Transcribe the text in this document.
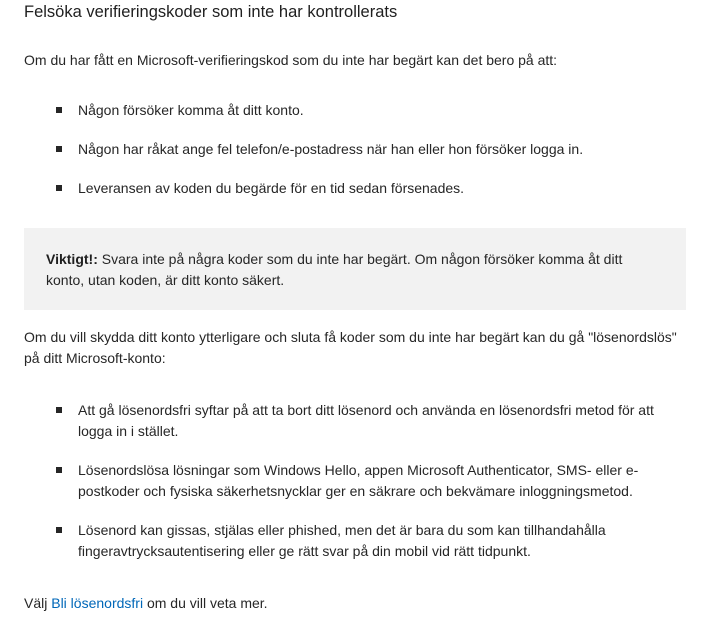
Felsöka verifieringskoder som inte har kontrollerats

Om du har fått en Microsoft-verifieringskod som du inte har begärt kan det bero på att:

Någon försöker komma åt ditt konto.
Någon har råkat ange fel telefon/e-postadress när han eller hon försöker logga in.
Leveransen av koden du begärde för en tid sedan försenades.
Viktigt!: Svara inte på några koder som du inte har begärt. Om någon försöker komma åt ditt konto, utan koden, är ditt konto säkert.

Om du vill skydda ditt konto ytterligare och sluta få koder som du inte har begärt kan du gå "lösenordslös" på ditt Microsoft-konto:

Att gå lösenordsfri syftar på att ta bort ditt lösenord och använda en lösenordsfri metod för att logga in i stället.
Lösenordslösa lösningar som Windows Hello, appen Microsoft Authenticator, SMS- eller e-postkoder och fysiska säkerhetsnycklar ger en säkrare och bekvämare inloggningsmetod.
Lösenord kan gissas, stjälas eller phished, men det är bara du som kan tillhandahålla fingeravtrycksautentisering eller ge rätt svar på din mobil vid rätt tidpunkt.

Välj Bli lösenordsfri om du vill veta mer.
